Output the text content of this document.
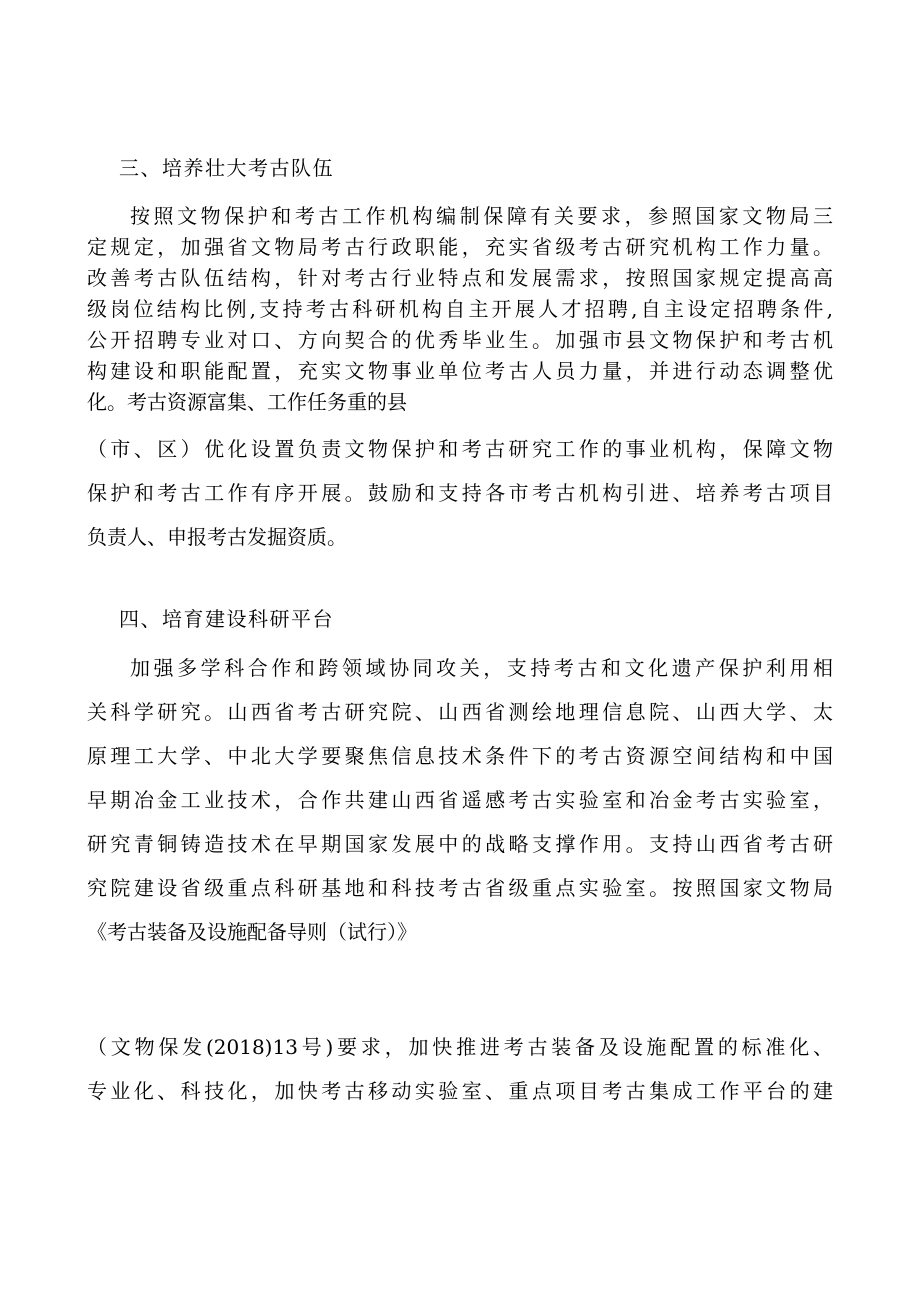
三、培养壮大考古队伍
按照文物保护和考古工作机构编制保障有关要求，参照国家文物局三
定规定，加强省文物局考古行政职能，充实省级考古研究机构工作力量。
改善考古队伍结构，针对考古行业特点和发展需求，按照国家规定提高高
级岗位结构比例,支持考古科研机构自主开展人才招聘,自主设定招聘条件,
公开招聘专业对口、方向契合的优秀毕业生。加强市县文物保护和考古机
构建设和职能配置，充实文物事业单位考古人员力量，并进行动态调整优
化。考古资源富集、工作任务重的县
（市、区）优化设置负责文物保护和考古研究工作的事业机构，保障文物
保护和考古工作有序开展。鼓励和支持各市考古机构引进、培养考古项目
负责人、申报考古发掘资质。
四、培育建设科研平台
加强多学科合作和跨领域协同攻关，支持考古和文化遗产保护利用相
关科学研究。山西省考古研究院、山西省测绘地理信息院、山西大学、太
原理工大学、中北大学要聚焦信息技术条件下的考古资源空间结构和中国
早期冶金工业技术，合作共建山西省遥感考古实验室和冶金考古实验室，
研究青铜铸造技术在早期国家发展中的战略支撑作用。支持山西省考古研
究院建设省级重点科研基地和科技考古省级重点实验室。按照国家文物局
《考古装备及设施配备导则（试行）》
（文物保发(2018)13号)要求，加快推进考古装备及设施配置的标准化、
专业化、科技化，加快考古移动实验室、重点项目考古集成工作平台的建
